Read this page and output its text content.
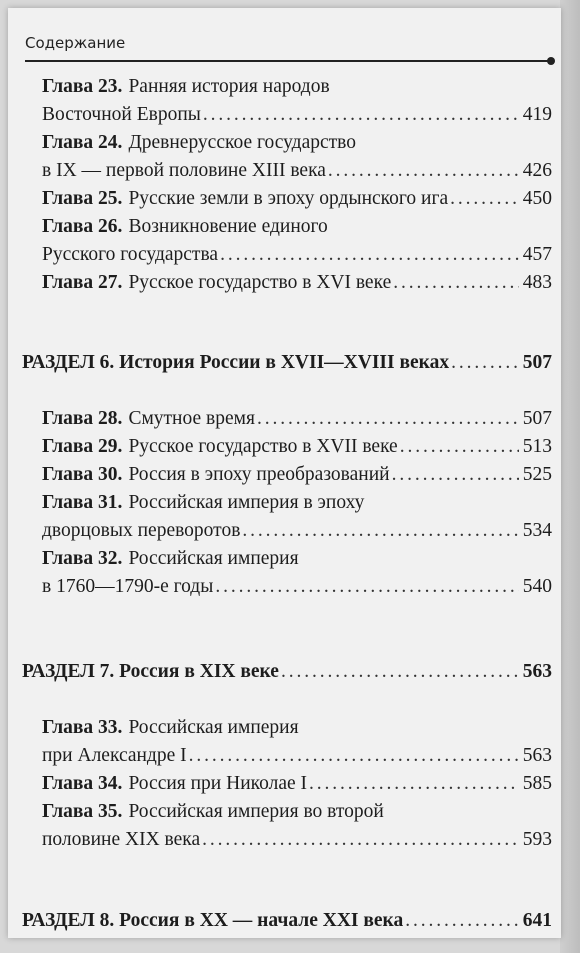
Содержание
Глава 23. Ранняя история народов
Восточной Европы . . .	419
Глава 24. Древнерусское государство
в IX — первой половине XIII века . . .	426
Глава 25. Русские земли в эпоху ордынского ига . . .	450
Глава 26. Возникновение единого
Русского государства . . .	457
Глава 27. Русское государство в XVI веке . . .	483
РАЗДЕЛ 6. История России в XVII—XVIII веках . . .	507
Глава 28. Смутное время . . .	507
Глава 29. Русское государство в XVII веке . . .	513
Глава 30. Россия в эпоху преобразований . . .	525
Глава 31. Российская империя в эпоху
дворцовых переворотов . . .	534
Глава 32. Российская империя
в 1760—1790-е годы . . .	540
РАЗДЕЛ 7. Россия в XIX веке . . .	563
Глава 33. Российская империя
при Александре I . . .	563
Глава 34. Россия при Николае I . . .	585
Глава 35. Российская империя во второй
половине XIX века . . .	593
РАЗДЕЛ 8. Россия в XX — начале XXI века . . .	641
